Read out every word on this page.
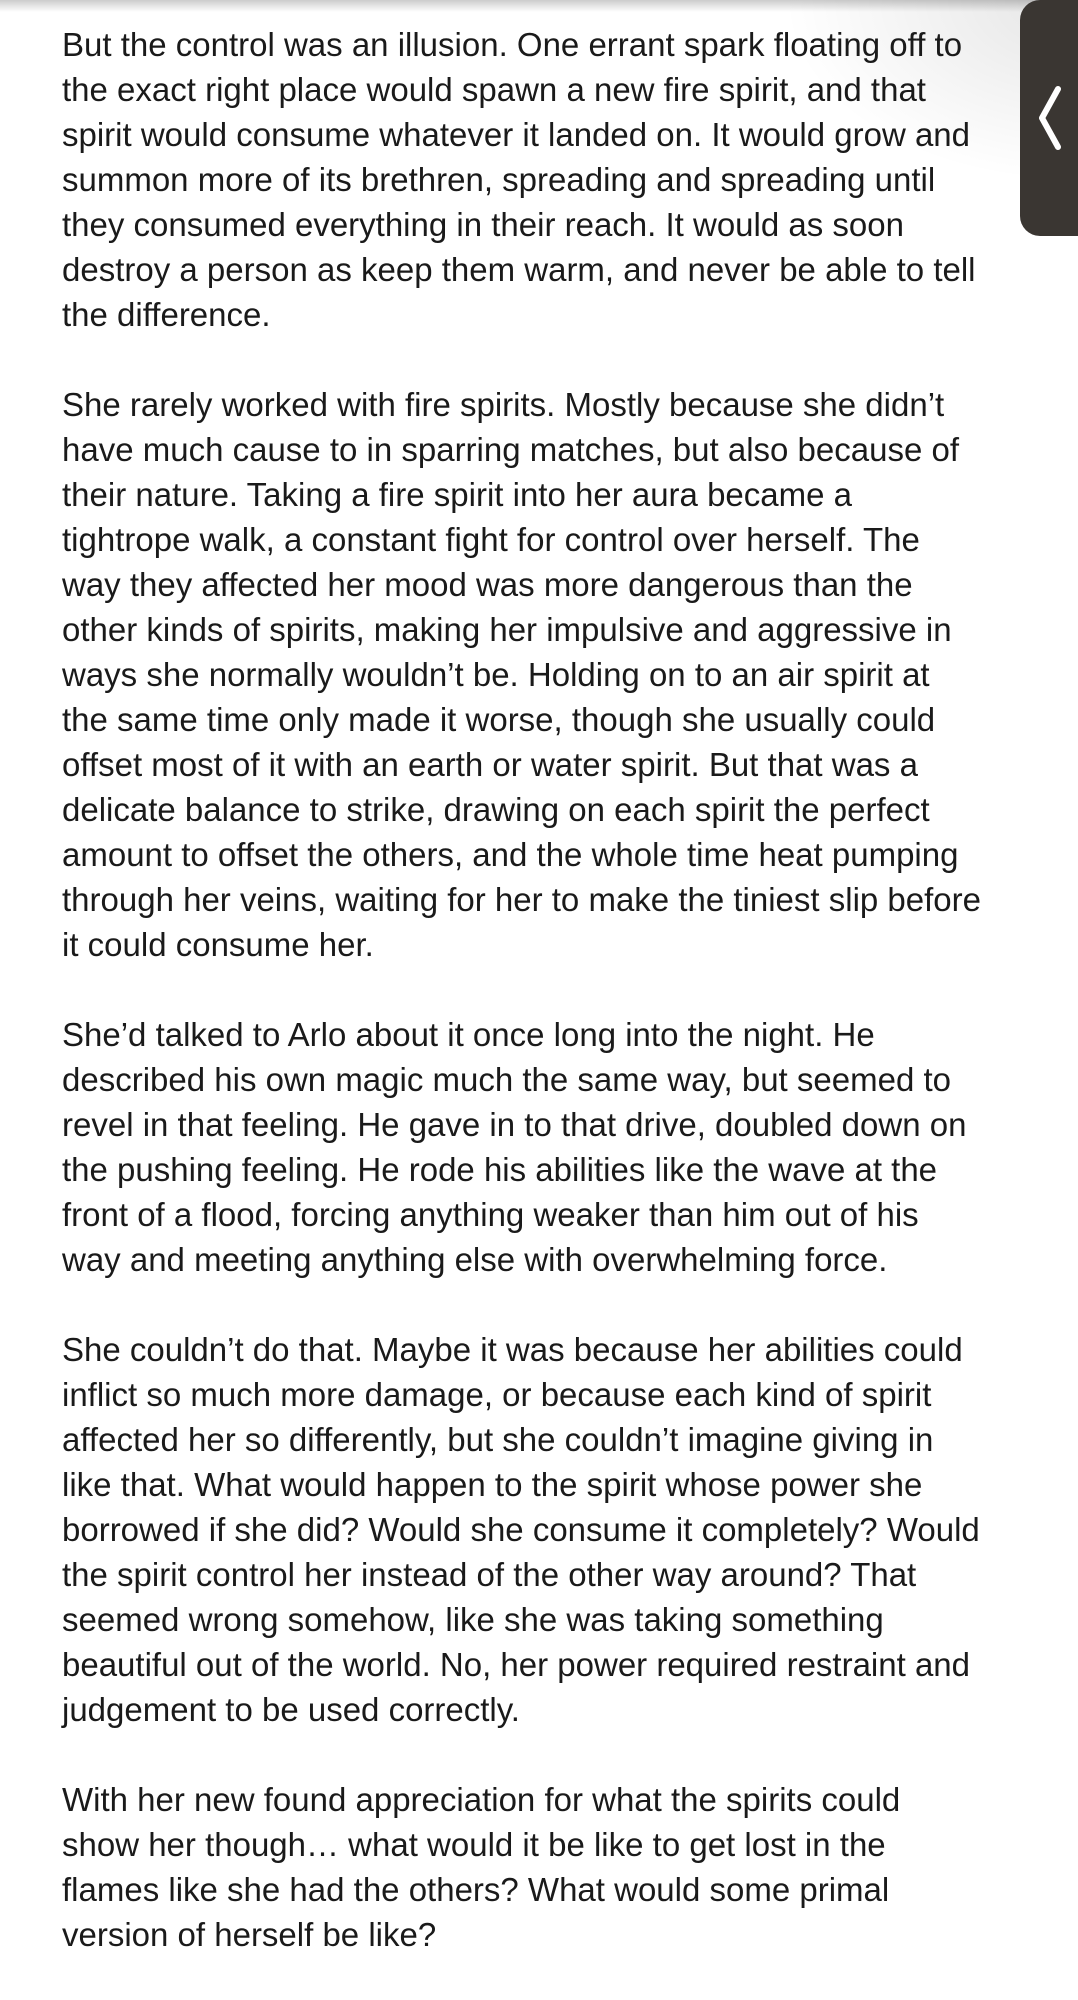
But the control was an illusion. One errant spark floating off to
the exact right place would spawn a new fire spirit, and that
spirit would consume whatever it landed on. It would grow and
summon more of its brethren, spreading and spreading until
they consumed everything in their reach. It would as soon
destroy a person as keep them warm, and never be able to tell
the difference.

She rarely worked with fire spirits. Mostly because she didn’t
have much cause to in sparring matches, but also because of
their nature. Taking a fire spirit into her aura became a
tightrope walk, a constant fight for control over herself. The
way they affected her mood was more dangerous than the
other kinds of spirits, making her impulsive and aggressive in
ways she normally wouldn’t be. Holding on to an air spirit at
the same time only made it worse, though she usually could
offset most of it with an earth or water spirit. But that was a
delicate balance to strike, drawing on each spirit the perfect
amount to offset the others, and the whole time heat pumping
through her veins, waiting for her to make the tiniest slip before
it could consume her.

She’d talked to Arlo about it once long into the night. He
described his own magic much the same way, but seemed to
revel in that feeling. He gave in to that drive, doubled down on
the pushing feeling. He rode his abilities like the wave at the
front of a flood, forcing anything weaker than him out of his
way and meeting anything else with overwhelming force.

She couldn’t do that. Maybe it was because her abilities could
inflict so much more damage, or because each kind of spirit
affected her so differently, but she couldn’t imagine giving in
like that. What would happen to the spirit whose power she
borrowed if she did? Would she consume it completely? Would
the spirit control her instead of the other way around? That
seemed wrong somehow, like she was taking something
beautiful out of the world. No, her power required restraint and
judgement to be used correctly.

With her new found appreciation for what the spirits could
show her though… what would it be like to get lost in the
flames like she had the others? What would some primal
version of herself be like?
